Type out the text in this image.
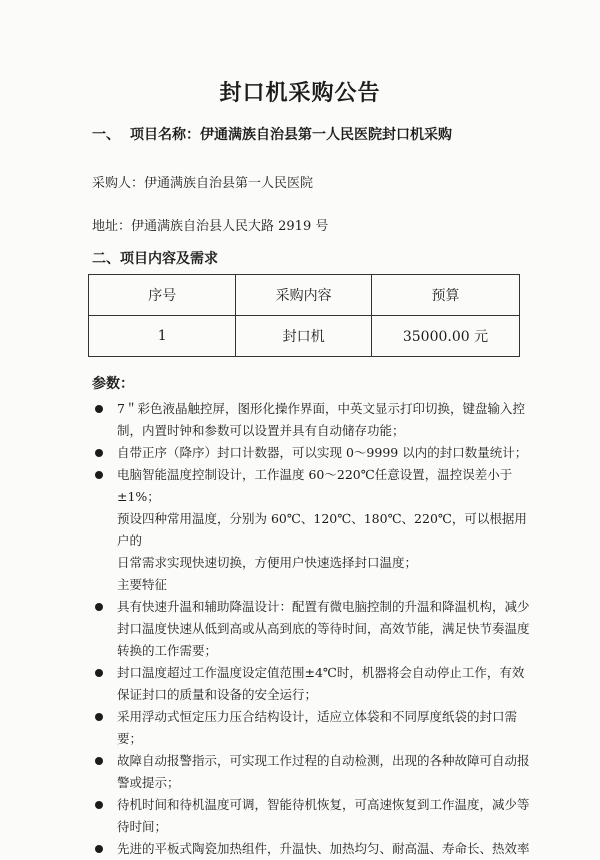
封口机采购公告
一、 项目名称：伊通满族自治县第一人民医院封口机采购
采购人：伊通满族自治县第一人民医院
地址：伊通满族自治县人民大路 2919 号
二、项目内容及需求
序号	采购内容	预算
1	封口机	35000.00 元
参数：
7＂彩色液晶触控屏，图形化操作界面，中英文显示打印切换，键盘输入控
制，内置时钟和参数可以设置并具有自动储存功能；
自带正序（降序）封口计数器，可以实现 0～9999 以内的封口数量统计；
电脑智能温度控制设计，工作温度 60～220℃任意设置，温控误差小于±1%；
预设四种常用温度，分别为 60℃、120℃、180℃、220℃，可以根据用户的
日常需求实现快速切换，方便用户快速选择封口温度；
主要特征
具有快速升温和辅助降温设计：配置有微电脑控制的升温和降温机构，减少
封口温度快速从低到高或从高到底的等待时间，高效节能，满足快节奏温度
转换的工作需要；
封口温度超过工作温度设定值范围±4℃时，机器将会自动停止工作，有效
保证封口的质量和设备的安全运行；
采用浮动式恒定压力压合结构设计，适应立体袋和不同厚度纸袋的封口需
要；
故障自动报警指示，可实现工作过程的自动检测，出现的各种故障可自动报
警或提示；
待机时间和待机温度可调，智能待机恢复，可高速恢复到工作温度，减少等
待时间；
先进的平板式陶瓷加热组件，升温快、加热均匀、耐高温、寿命长、热效率
